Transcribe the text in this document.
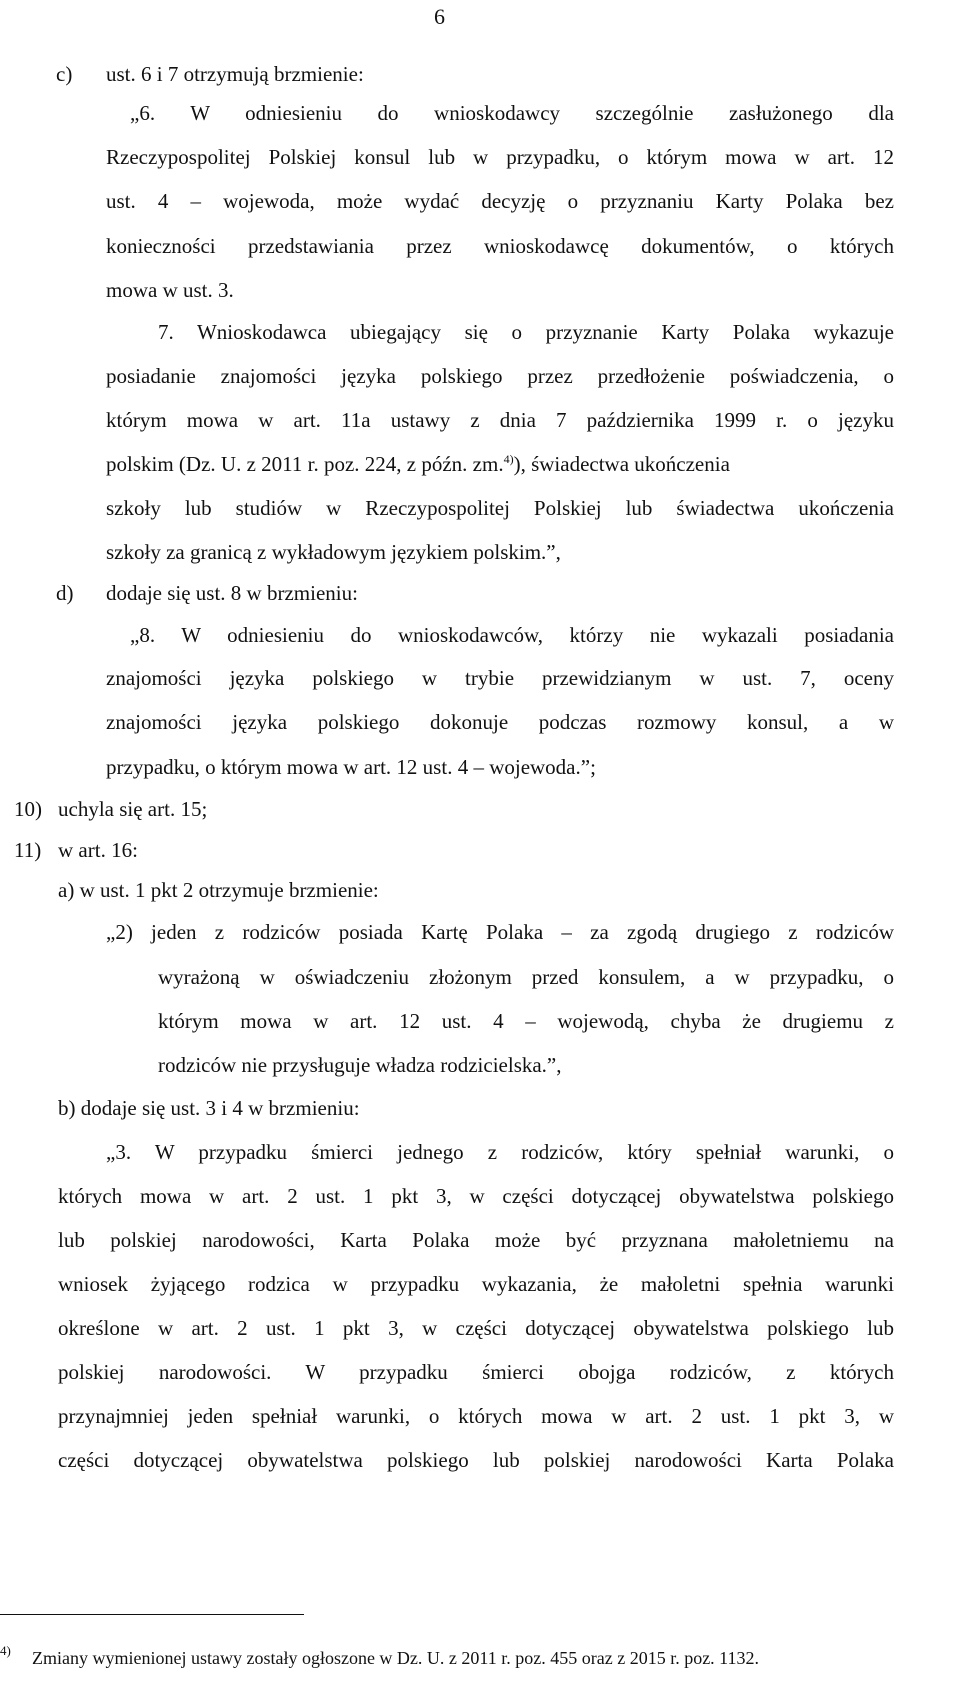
6
c) ust. 6 i 7 otrzymują brzmienie:
„6. W odniesieniu do wnioskodawcy szczególnie zasłużonego dla
Rzeczypospolitej Polskiej konsul lub w przypadku, o którym mowa w art. 12
ust. 4 – wojewoda, może wydać decyzję o przyznaniu Karty Polaka bez
konieczności przedstawiania przez wnioskodawcę dokumentów, o których
mowa w ust. 3.
7. Wnioskodawca ubiegający się o przyznanie Karty Polaka wykazuje
posiadanie znajomości języka polskiego przez przedłożenie poświadczenia, o
którym mowa w art. 11a ustawy z dnia 7 października 1999 r. o języku
polskim (Dz. U. z 2011 r. poz. 224, z późn. zm.$^{4)}$), świadectwa ukończenia
szkoły lub studiów w Rzeczypospolitej Polskiej lub świadectwa ukończenia
szkoły za granicą z wykładowym językiem polskim.”,
d) dodaje się ust. 8 w brzmieniu:
„8. W odniesieniu do wnioskodawców, którzy nie wykazali posiadania
znajomości języka polskiego w trybie przewidzianym w ust. 7, oceny
znajomości języka polskiego dokonuje podczas rozmowy konsul, a w
przypadku, o którym mowa w art. 12 ust. 4 – wojewoda.”;
10) uchyla się art. 15;
11) w art. 16:
a) w ust. 1 pkt 2 otrzymuje brzmienie:
„2) jeden z rodziców posiada Kartę Polaka – za zgodą drugiego z rodziców
wyrażoną w oświadczeniu złożonym przed konsulem, a w przypadku, o
którym mowa w art. 12 ust. 4 – wojewodą, chyba że drugiemu z
rodziców nie przysługuje władza rodzicielska.”,
b) dodaje się ust. 3 i 4 w brzmieniu:
„3. W przypadku śmierci jednego z rodziców, który spełniał warunki, o
których mowa w art. 2 ust. 1 pkt 3, w części dotyczącej obywatelstwa polskiego
lub polskiej narodowości, Karta Polaka może być przyznana małoletniemu na
wniosek żyjącego rodzica w przypadku wykazania, że małoletni spełnia warunki
określone w art. 2 ust. 1 pkt 3, w części dotyczącej obywatelstwa polskiego lub
polskiej narodowości. W przypadku śmierci obojga rodziców, z których
przynajmniej jeden spełniał warunki, o których mowa w art. 2 ust. 1 pkt 3, w
części dotyczącej obywatelstwa polskiego lub polskiej narodowości Karta Polaka
4) Zmiany wymienionej ustawy zostały ogłoszone w Dz. U. z 2011 r. poz. 455 oraz z 2015 r. poz. 1132.
